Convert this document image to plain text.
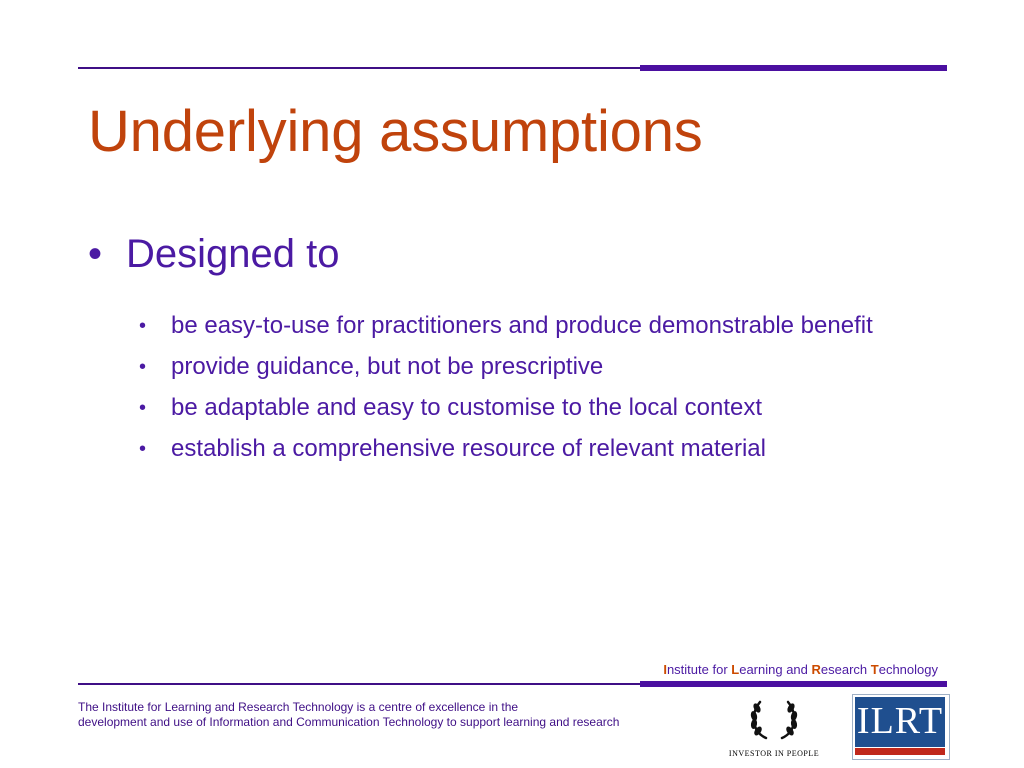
Underlying assumptions
• Designed to
• be easy-to-use for practitioners and produce demonstrable benefit
• provide guidance, but not be prescriptive
• be adaptable and easy to customise to the local context
• establish a comprehensive resource of relevant material
Institute for Learning and Research Technology
The Institute for Learning and Research Technology is a centre of excellence in the
development and use of Information and Communication Technology to support learning and research
INVESTOR IN PEOPLE
ILRT
